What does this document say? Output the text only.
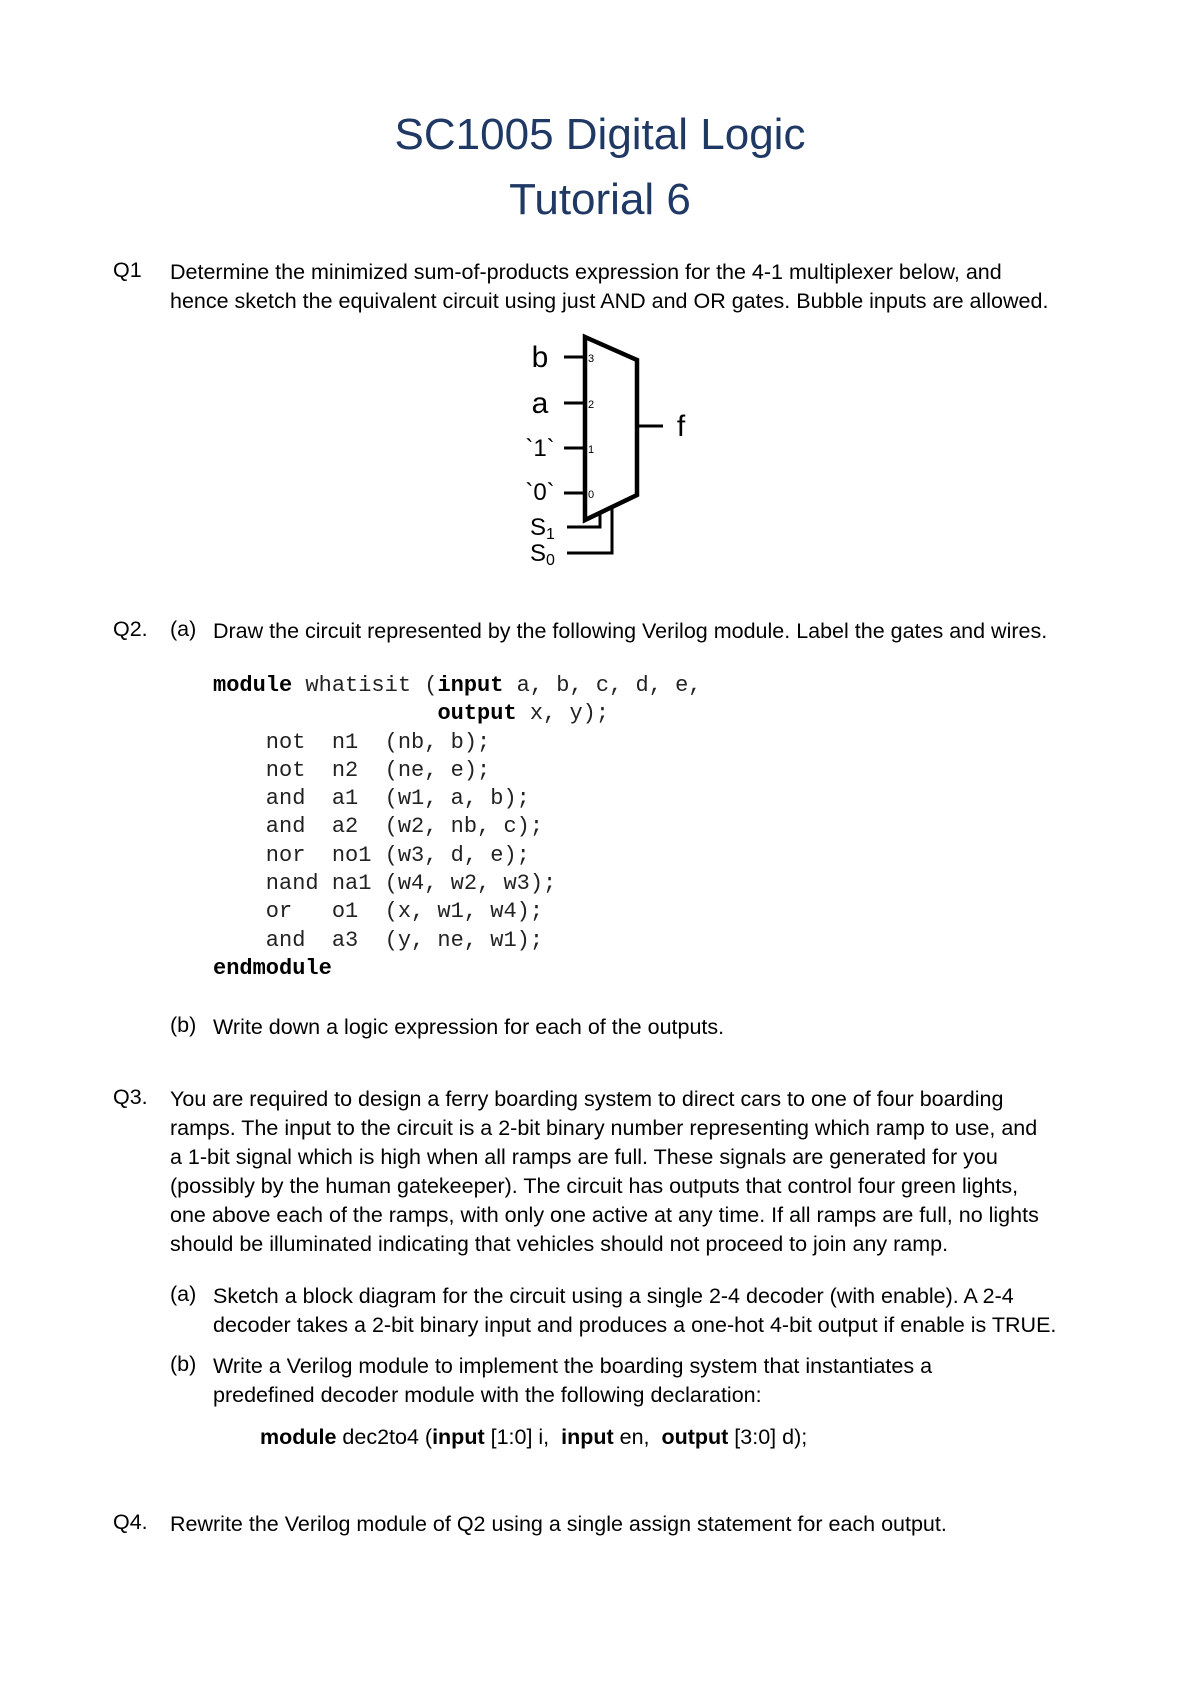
SC1005 Digital Logic
Tutorial 6
Q1 Determine the minimized sum-of-products expression for the 4-1 multiplexer below, and
hence sketch the equivalent circuit using just AND and OR gates. Bubble inputs are allowed.
b
a
`1`
`0`
3
2
1
0
S1
S0
f
Q2. (a) Draw the circuit represented by the following Verilog module. Label the gates and wires.
module whatisit (input a, b, c, d, e,
output x, y);
not  n1  (nb, b);
not  n2  (ne, e);
and  a1  (w1, a, b);
and  a2  (w2, nb, c);
nor  no1 (w3, d, e);
nand na1 (w4, w2, w3);
or   o1  (x, w1, w4);
and  a3  (y, ne, w1);
endmodule
(b) Write down a logic expression for each of the outputs.
Q3. You are required to design a ferry boarding system to direct cars to one of four boarding
ramps. The input to the circuit is a 2-bit binary number representing which ramp to use, and
a 1-bit signal which is high when all ramps are full. These signals are generated for you
(possibly by the human gatekeeper). The circuit has outputs that control four green lights,
one above each of the ramps, with only one active at any time. If all ramps are full, no lights
should be illuminated indicating that vehicles should not proceed to join any ramp.
(a) Sketch a block diagram for the circuit using a single 2-4 decoder (with enable). A 2-4
decoder takes a 2-bit binary input and produces a one-hot 4-bit output if enable is TRUE.
(b) Write a Verilog module to implement the boarding system that instantiates a
predefined decoder module with the following declaration:
module dec2to4 (input [1:0] i,  input en,  output [3:0] d);
Q4. Rewrite the Verilog module of Q2 using a single assign statement for each output.
